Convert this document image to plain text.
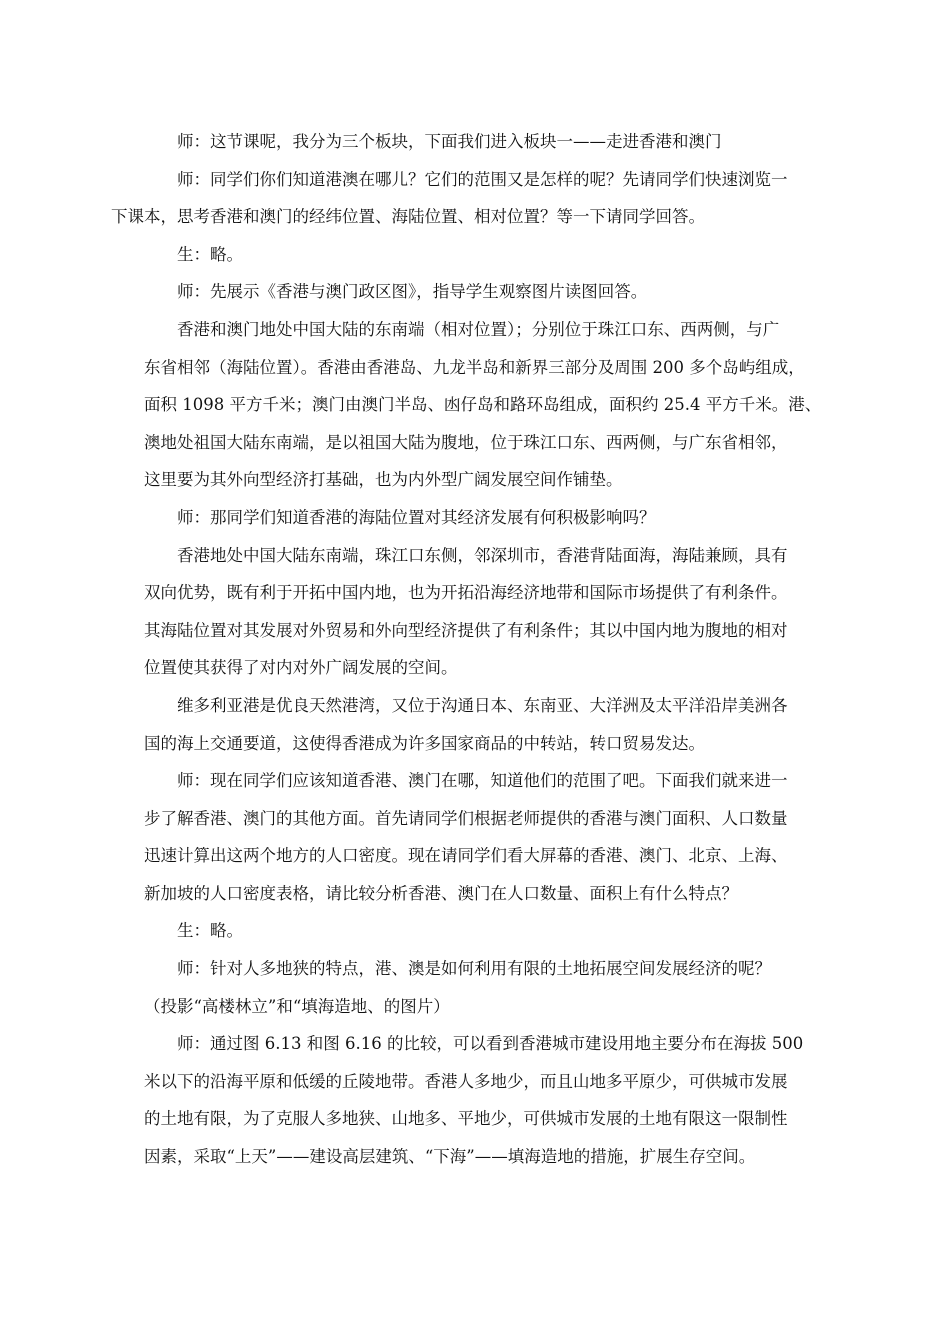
师：这节课呢，我分为三个板块，下面我们进入板块一——走进香港和澳门

师：同学们你们知道港澳在哪儿？它们的范围又是怎样的呢？先请同学们快速浏览一
下课本，思考香港和澳门的经纬位置、海陆位置、相对位置？等一下请同学回答。

生：略。

师：先展示《香港与澳门政区图》，指导学生观察图片读图回答。

香港和澳门地处中国大陆的东南端（相对位置）；分别位于珠江口东、西两侧，与广
东省相邻（海陆位置）。香港由香港岛、九龙半岛和新界三部分及周围 200 多个岛屿组成，
面积 1098 平方千米；澳门由澳门半岛、凼仔岛和路环岛组成，面积约 25.4 平方千米。港、
澳地处祖国大陆东南端，是以祖国大陆为腹地，位于珠江口东、西两侧，与广东省相邻，
这里要为其外向型经济打基础，也为内外型广阔发展空间作铺垫。

师：那同学们知道香港的海陆位置对其经济发展有何积极影响吗？

香港地处中国大陆东南端，珠江口东侧，邻深圳市，香港背陆面海，海陆兼顾，具有
双向优势，既有利于开拓中国内地，也为开拓沿海经济地带和国际市场提供了有利条件。
其海陆位置对其发展对外贸易和外向型经济提供了有利条件；其以中国内地为腹地的相对
位置使其获得了对内对外广阔发展的空间。

维多利亚港是优良天然港湾，又位于沟通日本、东南亚、大洋洲及太平洋沿岸美洲各
国的海上交通要道，这使得香港成为许多国家商品的中转站，转口贸易发达。

师：现在同学们应该知道香港、澳门在哪，知道他们的范围了吧。下面我们就来进一
步了解香港、澳门的其他方面。首先请同学们根据老师提供的香港与澳门面积、人口数量
迅速计算出这两个地方的人口密度。现在请同学们看大屏幕的香港、澳门、北京、上海、
新加坡的人口密度表格，请比较分析香港、澳门在人口数量、面积上有什么特点？

生：略。

师：针对人多地狭的特点，港、澳是如何利用有限的土地拓展空间发展经济的呢？
（投影“高楼林立”和“填海造地、的图片）

师：通过图 6.13 和图 6.16 的比较，可以看到香港城市建设用地主要分布在海拔 500
米以下的沿海平原和低缓的丘陵地带。香港人多地少，而且山地多平原少，可供城市发展
的土地有限，为了克服人多地狭、山地多、平地少，可供城市发展的土地有限这一限制性
因素，采取“上天”——建设高层建筑、“下海”——填海造地的措施，扩展生存空间。
